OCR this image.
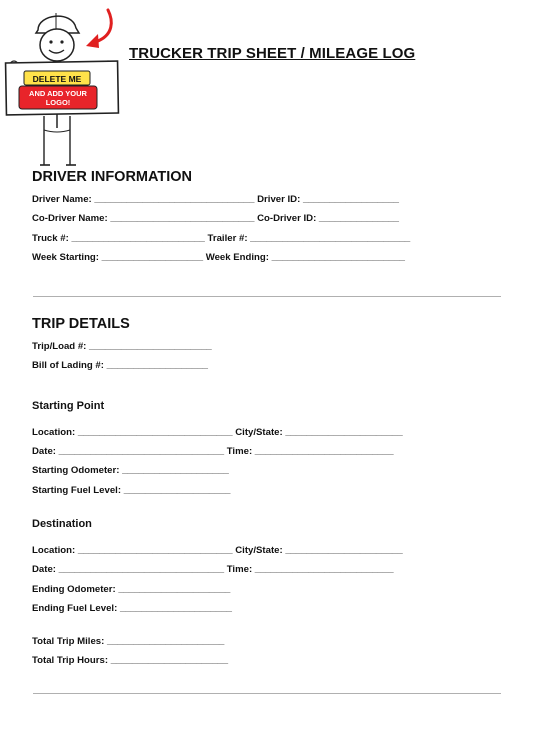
DELETE ME
AND ADD YOUR
LOGO!
TRUCKER TRIP SHEET / MILEAGE LOG
DRIVER INFORMATION
Driver Name: ______________________________ Driver ID: __________________
Co-Driver Name: ___________________________ Co-Driver ID: _______________
Truck #: _________________________ Trailer #: ______________________________
Week Starting: ___________________ Week Ending: _________________________
TRIP DETAILS
Trip/Load #: _______________________
Bill of Lading #: ___________________
Starting Point
Location: _____________________________ City/State: ______________________
Date: _______________________________ Time: __________________________
Starting Odometer: ____________________
Starting Fuel Level: ____________________
Destination
Location: _____________________________ City/State: ______________________
Date: _______________________________ Time: __________________________
Ending Odometer: _____________________
Ending Fuel Level: _____________________
Total Trip Miles: ______________________
Total Trip Hours: ______________________
